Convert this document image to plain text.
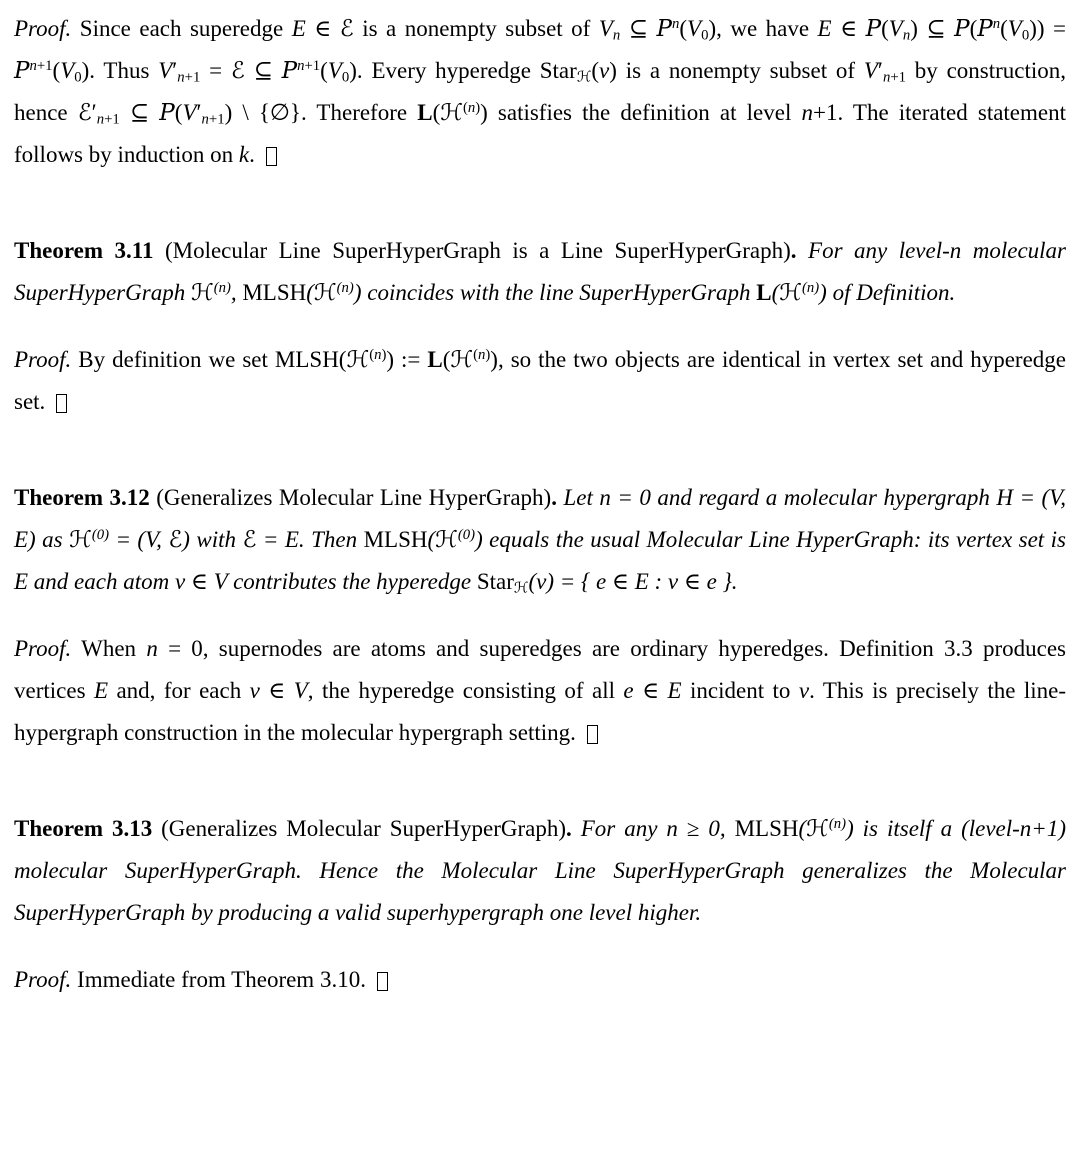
Proof. Since each superedge E ∈ ℰ is a nonempty subset of $V_n$ ⊆ $P^n(V_0)$, we have E ∈ $P(V_n)$ ⊆ $P(P^n(V_0)) = P^{n+1}(V_0)$. Thus $V'_{n+1}$ = ℰ ⊆ $P^{n+1}(V_0)$. Every hyperedge Star$_ℋ$(v) is a nonempty subset of $V'_{n+1}$ by construction, hence $ℰ'_{n+1}$ ⊆ $P(V'_{n+1})$ \ {∅}. Therefore L(ℋ$^{(n)}$) satisfies the definition at level n+1. The iterated statement follows by induction on k.

Theorem 3.11 (Molecular Line SuperHyperGraph is a Line SuperHyperGraph). For any level-n molecular SuperHyperGraph ℋ$^{(n)}$, MLSH(ℋ$^{(n)}$) coincides with the line SuperHyperGraph L(ℋ$^{(n)}$) of Definition.

Proof. By definition we set MLSH(ℋ$^{(n)}$) := L(ℋ$^{(n)}$), so the two objects are identical in vertex set and hyperedge set.

Theorem 3.12 (Generalizes Molecular Line HyperGraph). Let n = 0 and regard a molecular hypergraph H = (V, E) as ℋ$^{(0)}$ = (V, ℰ) with ℰ = E. Then MLSH(ℋ$^{(0)}$) equals the usual Molecular Line HyperGraph: its vertex set is E and each atom v ∈ V contributes the hyperedge Star$_ℋ$(v) = { e ∈ E : v ∈ e }.

Proof. When n = 0, supernodes are atoms and superedges are ordinary hyperedges. Definition 3.3 produces vertices E and, for each v ∈ V, the hyperedge consisting of all e ∈ E incident to v. This is precisely the line-hypergraph construction in the molecular hypergraph setting.

Theorem 3.13 (Generalizes Molecular SuperHyperGraph). For any n ≥ 0, MLSH(ℋ$^{(n)}$) is itself a (level-n+1) molecular SuperHyperGraph. Hence the Molecular Line SuperHyperGraph generalizes the Molecular SuperHyperGraph by producing a valid superhypergraph one level higher.

Proof. Immediate from Theorem 3.10.
